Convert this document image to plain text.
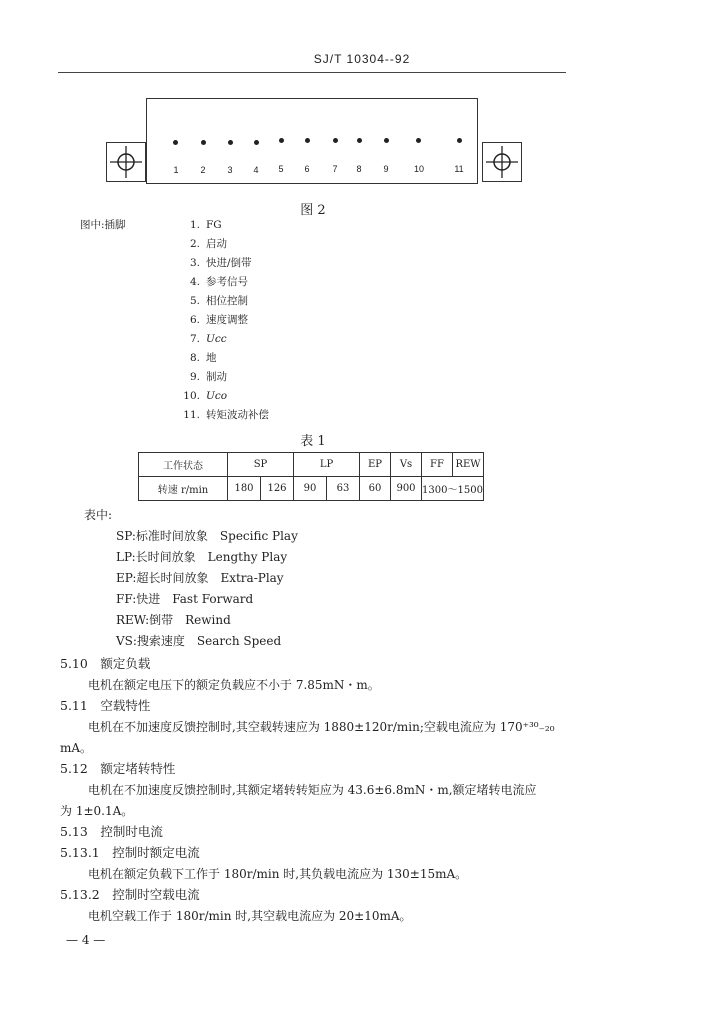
SJ/T 10304--92
1	2	3	4	5	6	7	8	9	10	11
图 2
图中:插脚	1. FG
2. 启动
3. 快进/倒带
4. 参考信号
5. 相位控制
6. 速度调整
7. Ucc
8. 地
9. 制动
10. Uco
11. 转矩波动补偿
表 1
工作状态	SP		LP		EP	Vs	FF	REW
转速 r/min	180	126	90	63	60	900	1300～1500	
表中:
SP:标准时间放象　Specific Play
LP:长时间放象　Lengthy Play
EP:超长时间放象　Extra-Play
FF:快进　Fast Forward
REW:倒带　Rewind
VS:搜索速度　Search Speed
5.10　额定负载
电机在额定电压下的额定负载应不小于 7.85mN・m。
5.11　空载特性
电机在不加速度反馈控制时,其空载转速应为 1880±120r/min;空载电流应为 170⁺³⁰₋₂₀
mA。
5.12　额定堵转特性
电机在不加速度反馈控制时,其额定堵转转矩应为 43.6±6.8mN・m,额定堵转电流应
为 1±0.1A。
5.13　控制时电流
5.13.1　控制时额定电流
电机在额定负载下工作于 180r/min 时,其负载电流应为 130±15mA。
5.13.2　控制时空载电流
电机空载工作于 180r/min 时,其空载电流应为 20±10mA。
— 4 —
